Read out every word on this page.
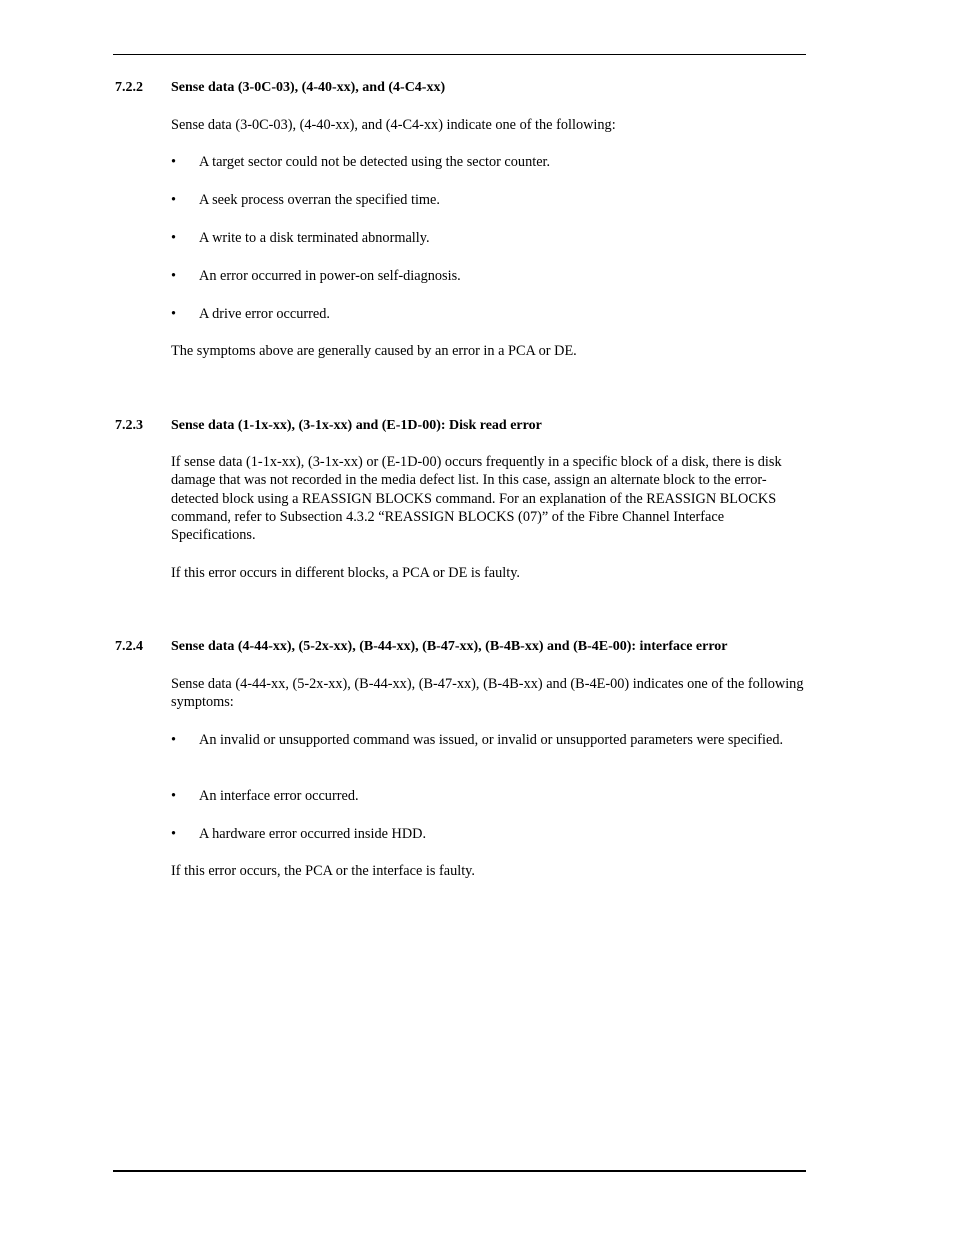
7.2.2 Sense data (3-0C-03), (4-40-xx), and (4-C4-xx)
Sense data (3-0C-03), (4-40-xx), and (4-C4-xx) indicate one of the following:
• A target sector could not be detected using the sector counter.
• A seek process overran the specified time.
• A write to a disk terminated abnormally.
• An error occurred in power-on self-diagnosis.
• A drive error occurred.
The symptoms above are generally caused by an error in a PCA or DE.
7.2.3 Sense data (1-1x-xx), (3-1x-xx) and (E-1D-00): Disk read error
If sense data (1-1x-xx), (3-1x-xx) or (E-1D-00) occurs frequently in a specific block of a disk, there is disk damage that was not recorded in the media defect list. In this case, assign an alternate block to the error-detected block using a REASSIGN BLOCKS command. For an explanation of the REASSIGN BLOCKS command, refer to Subsection 4.3.2 “REASSIGN BLOCKS (07)” of the Fibre Channel Interface Specifications.
If this error occurs in different blocks, a PCA or DE is faulty.
7.2.4 Sense data (4-44-xx), (5-2x-xx), (B-44-xx), (B-47-xx), (B-4B-xx) and (B-4E-00): interface error
Sense data (4-44-xx, (5-2x-xx), (B-44-xx), (B-47-xx), (B-4B-xx) and (B-4E-00) indicates one of the following symptoms:
• An invalid or unsupported command was issued, or invalid or unsupported parameters were specified.
• An interface error occurred.
• A hardware error occurred inside HDD.
If this error occurs, the PCA or the interface is faulty.
